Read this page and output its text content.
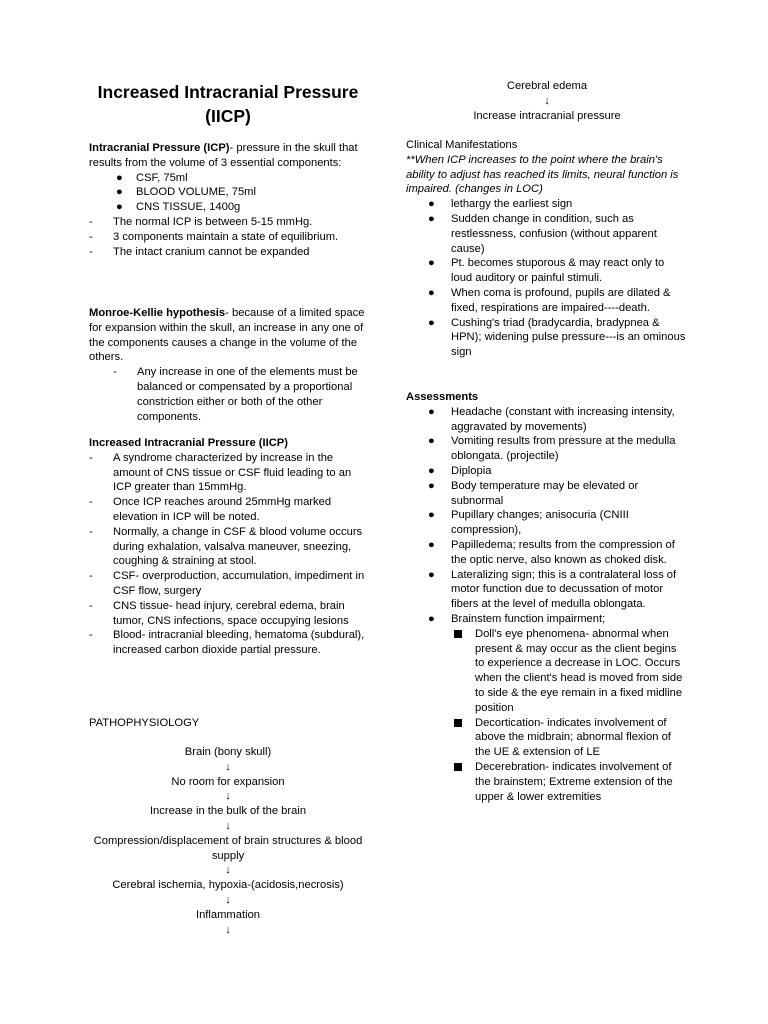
Increased Intracranial Pressure (IICP)
Intracranial Pressure (ICP)- pressure in the skull that results from the volume of 3 essential components:
●	CSF, 75ml
●	BLOOD VOLUME, 75ml
●	CNS TISSUE, 1400g
- The normal ICP is between 5-15 mmHg.
- 3 components maintain a state of equilibrium.
- The intact cranium cannot be expanded
Monroe-Kellie hypothesis- because of a limited space for expansion within the skull, an increase in any one of the components causes a change in the volume of the others.
- Any increase in one of the elements must be balanced or compensated by a proportional constriction either or both of the other components.
Increased Intracranial Pressure (IICP)
- A syndrome characterized by increase in the amount of CNS tissue or CSF fluid leading to an ICP greater than 15mmHg.
- Once ICP reaches around 25mmHg marked elevation in ICP will be noted.
- Normally, a change in CSF & blood volume occurs during exhalation, valsalva maneuver, sneezing, coughing & straining at stool.
- CSF- overproduction, accumulation, impediment in CSF flow, surgery
- CNS tissue- head injury, cerebral edema, brain tumor, CNS infections, space occupying lesions
- Blood- intracranial bleeding, hematoma (subdural), increased carbon dioxide partial pressure.
PATHOPHYSIOLOGY
Brain (bony skull)
↓
No room for expansion
↓
Increase in the bulk of the brain
↓
Compression/displacement of brain structures & blood supply
↓
Cerebral ischemia, hypoxia-(acidosis,necrosis)
↓
Inflammation
↓
Cerebral edema
↓
Increase intracranial pressure
Clinical Manifestations
**When ICP increases to the point where the brain's ability to adjust has reached its limits, neural function is impaired. (changes in LOC)
●	lethargy the earliest sign
●	Sudden change in condition, such as restlessness, confusion (without apparent cause)
●	Pt. becomes stuporous & may react only to loud auditory or painful stimuli.
●	When coma is profound, pupils are dilated & fixed, respirations are impaired----death.
●	Cushing's triad (bradycardia, bradypnea & HPN); widening pulse pressure---is an ominous sign
Assessments
●	Headache (constant with increasing intensity, aggravated by movements)
●	Vomiting results from pressure at the medulla oblongata. (projectile)
●	Diplopia
●	Body temperature may be elevated or subnormal
●	Pupillary changes; anisocuria (CNIII compression),
●	Papilledema; results from the compression of the optic nerve, also known as choked disk.
●	Lateralizing sign; this is a contralateral loss of motor function due to decussation of motor fibers at the level of medulla oblongata.
●	Brainstem function impairment;
Doll's eye phenomena- abnormal when present & may occur as the client begins to experience a decrease in LOC. Occurs when the client's head is moved from side to side & the eye remain in a fixed midline position
Decorticati​on- indicates involvement of above the midbrain; abnormal flexion of the UE & extension of LE
Decerebration- indicates involvement of the brainstem; Extreme extension of the upper & lower extremities
